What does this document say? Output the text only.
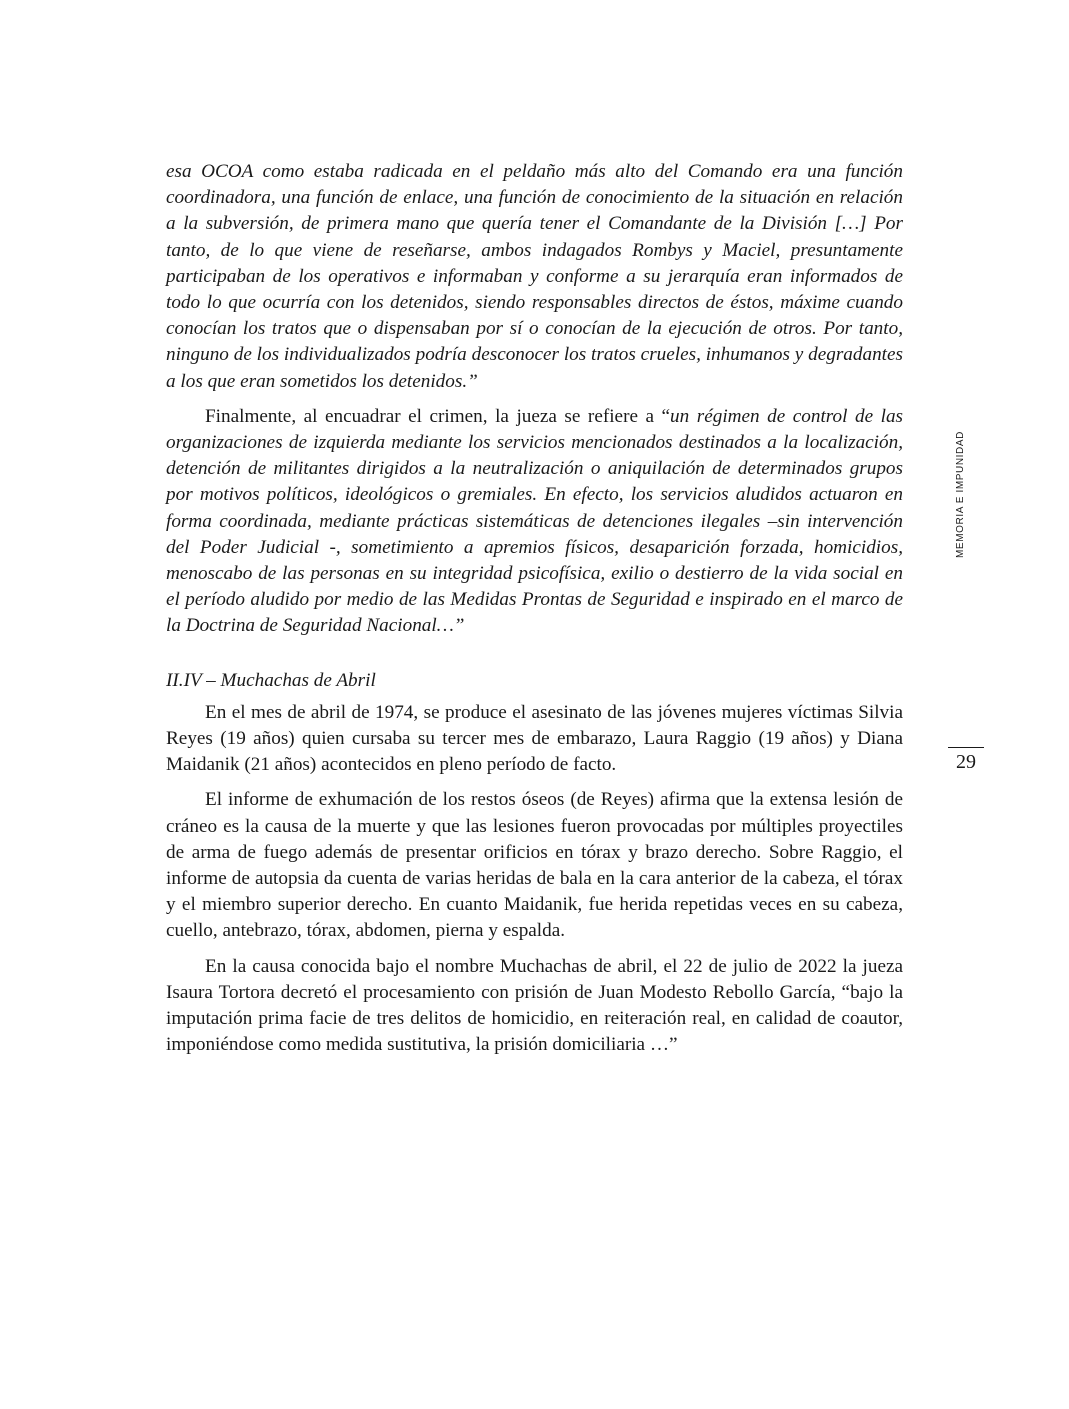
esa OCOA como estaba radicada en el peldaño más alto del Comando era una función coordinadora, una función de enlace, una función de conocimiento de la situación en relación a la subversión, de primera mano que quería tener el Comandante de la División […] Por tanto, de lo que viene de reseñarse, ambos indagados Rombys y Maciel, presuntamente participaban de los operativos e informaban y conforme a su jerarquía eran informados de todo lo que ocurría con los detenidos, siendo responsables directos de éstos, máxime cuando conocían los tratos que o dispensaban por sí o conocían de la ejecución de otros. Por tanto, ninguno de los individualizados podría desconocer los tratos crueles, inhumanos y degradantes a los que eran sometidos los detenidos.”

Finalmente, al encuadrar el crimen, la jueza se refiere a “un régimen de control de las organizaciones de izquierda mediante los servicios mencionados destinados a la localización, detención de militantes dirigidos a la neutralización o aniquilación de determinados grupos por motivos políticos, ideológicos o gremiales. En efecto, los servicios aludidos actuaron en forma coordinada, mediante prácticas sistemáticas de detenciones ilegales –sin intervención del Poder Judicial -, sometimiento a apremios físicos, desaparición forzada, homicidios, menoscabo de las personas en su integridad psicofísica, exilio o destierro de la vida social en el período aludido por medio de las Medidas Prontas de Seguridad e inspirado en el marco de la Doctrina de Seguridad Nacional…”

II.IV – Muchachas de Abril

En el mes de abril de 1974, se produce el asesinato de las jóvenes mujeres víctimas Silvia Reyes (19 años) quien cursaba su tercer mes de embarazo, Laura Raggio (19 años) y Diana Maidanik (21 años) acontecidos en pleno período de facto.

El informe de exhumación de los restos óseos (de Reyes) afirma que la extensa lesión de cráneo es la causa de la muerte y que las lesiones fueron provocadas por múltiples proyectiles de arma de fuego además de presentar orificios en tórax y brazo derecho. Sobre Raggio, el informe de autopsia da cuenta de varias heridas de bala en la cara anterior de la cabeza, el tórax y el miembro superior derecho. En cuanto Maidanik, fue herida repetidas veces en su cabeza, cuello, antebrazo, tórax, abdomen, pierna y espalda.

En la causa conocida bajo el nombre Muchachas de abril, el 22 de julio de 2022 la jueza Isaura Tortora decretó el procesamiento con prisión de Juan Modesto Rebollo García, “bajo la imputación prima facie de tres delitos de homicidio, en reiteración real, en calidad de coautor, imponiéndose como medida sustitutiva, la prisión domiciliaria …”

MEMORIA E IMPUNIDAD
29
